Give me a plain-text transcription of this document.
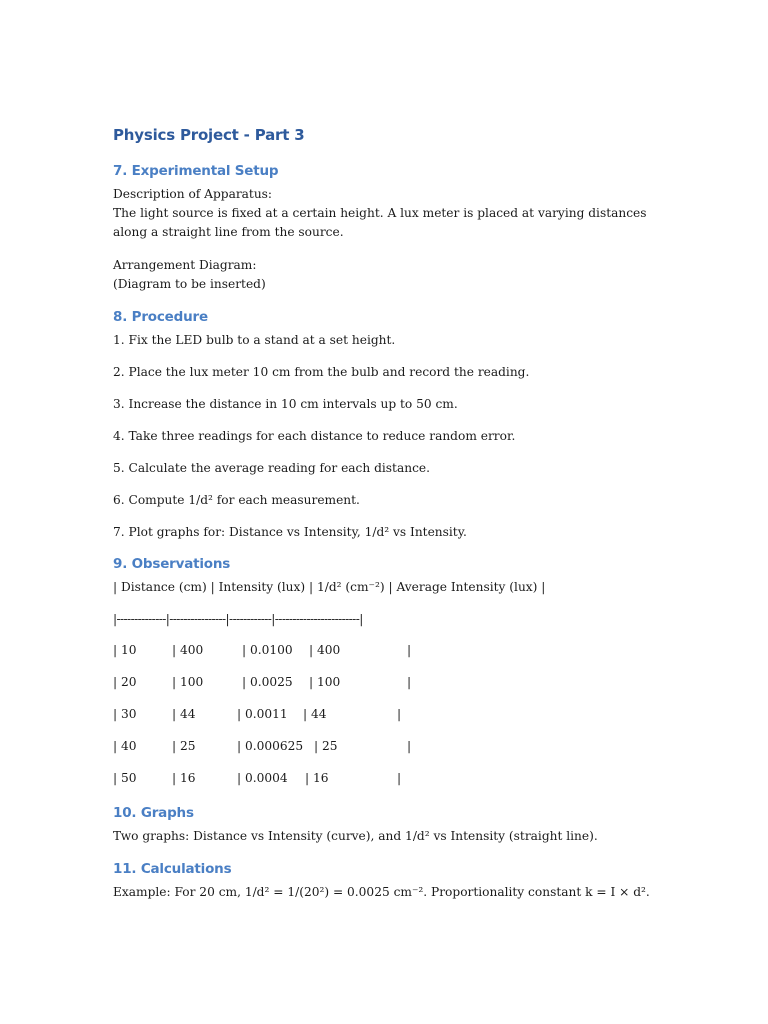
Physics Project - Part 3
7. Experimental Setup
Description of Apparatus:
The light source is fixed at a certain height. A lux meter is placed at varying distances along a straight line from the source.
Arrangement Diagram:
(Diagram to be inserted)
8. Procedure
1. Fix the LED bulb to a stand at a set height.
2. Place the lux meter 10 cm from the bulb and record the reading.
3. Increase the distance in 10 cm intervals up to 50 cm.
4. Take three readings for each distance to reduce random error.
5. Calculate the average reading for each distance.
6. Compute 1/d² for each measurement.
7. Plot graphs for: Distance vs Intensity, 1/d² vs Intensity.
9. Observations
| Distance (cm) | Intensity (lux) | 1/d² (cm⁻²) | Average Intensity (lux) |
|--------------|----------------|------------|------------------------|
| 10	| 400	| 0.0100 | 400	|
| 20	| 100	| 0.0025 | 100	|
| 30	| 44	| 0.0011 | 44	|
| 40	| 25	| 0.000625 | 25	|
| 50	| 16	| 0.0004 | 16	|
10. Graphs
Two graphs: Distance vs Intensity (curve), and 1/d² vs Intensity (straight line).
11. Calculations
Example: For 20 cm, 1/d² = 1/(20²) = 0.0025 cm⁻². Proportionality constant k = I × d².
